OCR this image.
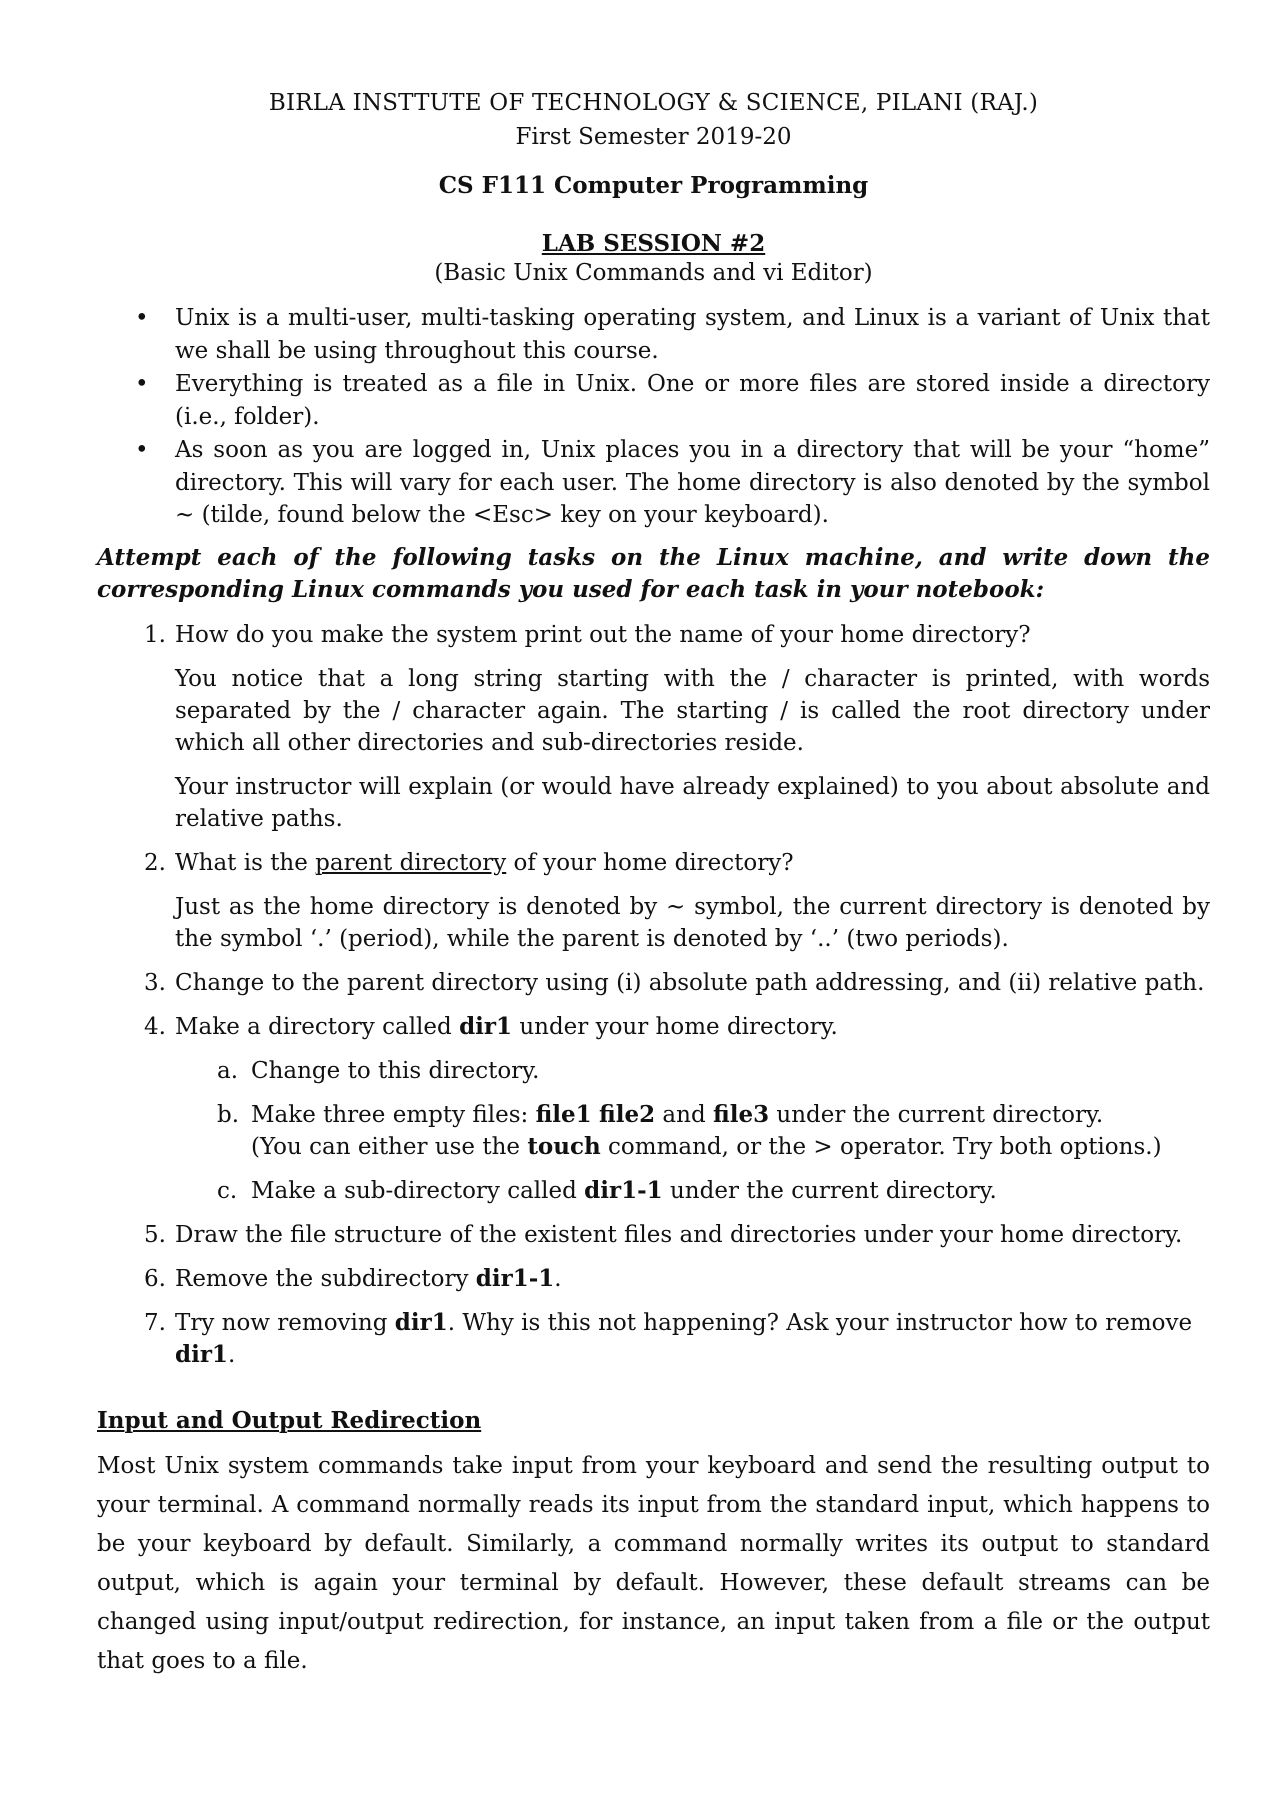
BIRLA INSTTUTE OF TECHNOLOGY & SCIENCE, PILANI (RAJ.)
First Semester 2019-20
CS F111 Computer Programming
LAB SESSION #2
(Basic Unix Commands and vi Editor)
• Unix is a multi-user, multi-tasking operating system, and Linux is a variant of Unix that we shall be using throughout this course.
• Everything is treated as a file in Unix. One or more files are stored inside a directory (i.e., folder).
• As soon as you are logged in, Unix places you in a directory that will be your “home” directory. This will vary for each user. The home directory is also denoted by the symbol ~ (tilde, found below the <Esc> key on your keyboard).
Attempt each of the following tasks on the Linux machine, and write down the corresponding Linux commands you used for each task in your notebook:
1. How do you make the system print out the name of your home directory?
You notice that a long string starting with the / character is printed, with words separated by the / character again. The starting / is called the root directory under which all other directories and sub-directories reside.
Your instructor will explain (or would have already explained) to you about absolute and relative paths.
2. What is the parent directory of your home directory?
Just as the home directory is denoted by ~ symbol, the current directory is denoted by the symbol ‘.’ (period), while the parent is denoted by ‘..’ (two periods).
3. Change to the parent directory using (i) absolute path addressing, and (ii) relative path.
4. Make a directory called dir1 under your home directory.
a. Change to this directory.
b. Make three empty files: file1 file2 and file3 under the current directory.
(You can either use the touch command, or the > operator. Try both options.)
c. Make a sub-directory called dir1-1 under the current directory.
5. Draw the file structure of the existent files and directories under your home directory.
6. Remove the subdirectory dir1-1.
7. Try now removing dir1. Why is this not happening? Ask your instructor how to remove
dir1.
Input and Output Redirection
Most Unix system commands take input from your keyboard and send the resulting output to your terminal. A command normally reads its input from the standard input, which happens to be your keyboard by default. Similarly, a command normally writes its output to standard output, which is again your terminal by default. However, these default streams can be changed using input/output redirection, for instance, an input taken from a file or the output that goes to a file.
